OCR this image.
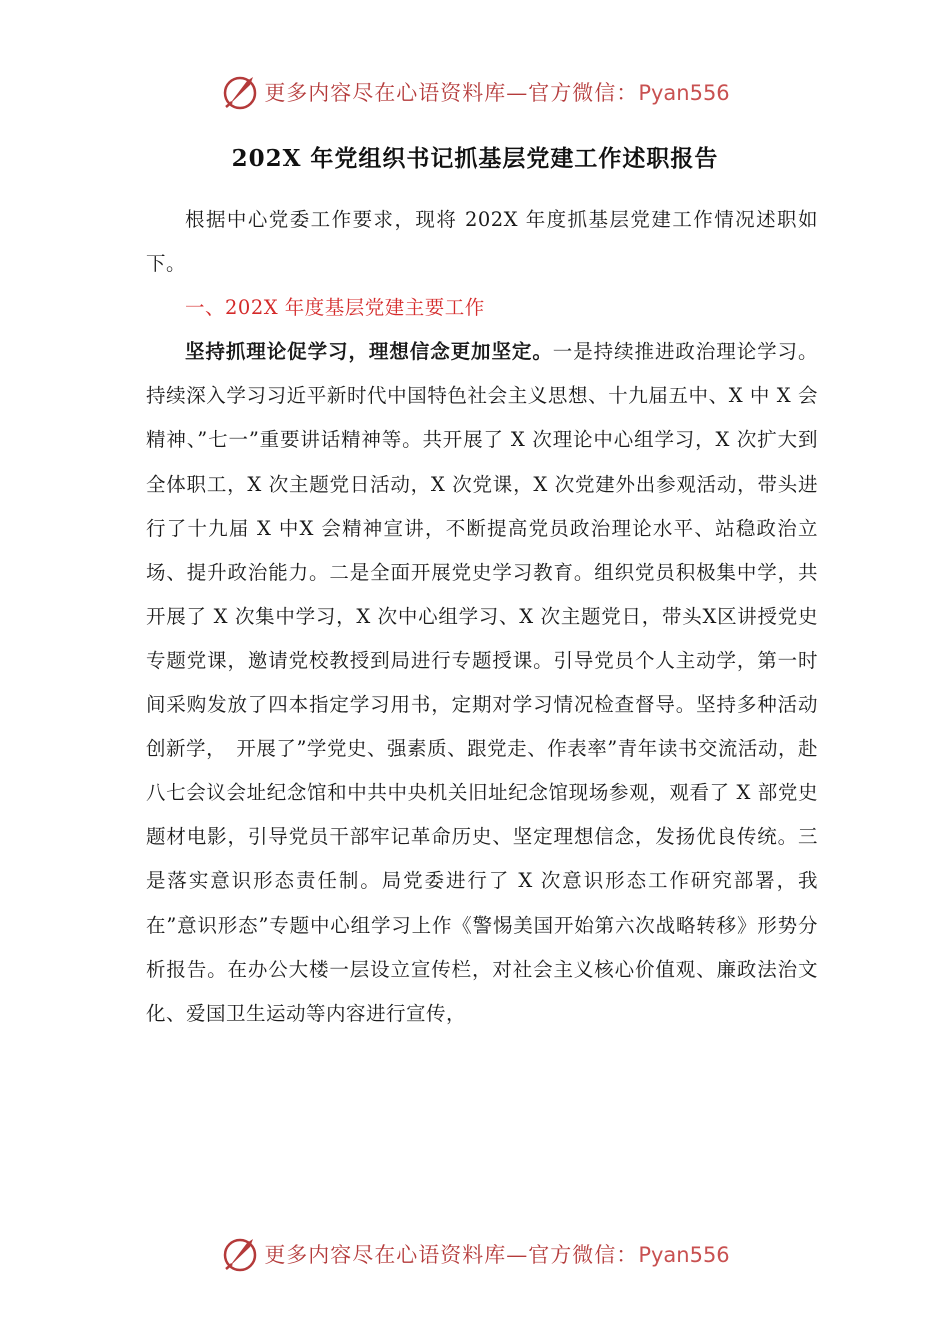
更多内容尽在心语资料库—官方微信：Pyan556
202X 年党组织书记抓基层党建工作述职报告

根据中心党委工作要求，现将 202X 年度抓基层党建工作情况述职如下。

一、202X 年度基层党建主要工作

坚持抓理论促学习，理想信念更加坚定。一是持续推进政治理论学习。持续深入学习习近平新时代中国特色社会主义思想、十九届五中、X 中 X 会精神、”七一”重要讲话精神等。共开展了 X 次理论中心组学习，X 次扩大到全体职工，X 次主题党日活动，X 次党课，X 次党建外出参观活动，带头进行了十九届 X 中X 会精神宣讲，不断提高党员政治理论水平、站稳政治立场、提升政治能力。二是全面开展党史学习教育。组织党员积极集中学，共开展了 X 次集中学习，X 次中心组学习、X 次主题党日，带头X区讲授党史专题党课，邀请党校教授到局进行专题授课。引导党员个人主动学，第一时间采购发放了四本指定学习用书，定期对学习情况检查督导。坚持多种活动创新学，　开展了”学党史、强素质、跟党走、作表率”青年读书交流活动，赴八七会议会址纪念馆和中共中央机关旧址纪念馆现场参观，观看了 X 部党史题材电影，引导党员干部牢记革命历史、坚定理想信念，发扬优良传统。三是落实意识形态责任制。局党委进行了 X 次意识形态工作研究部署，我在”意识形态”专题中心组学习上作《警惕美国开始第六次战略转移》形势分析报告。在办公大楼一层设立宣传栏，对社会主义核心价值观、廉政法治文化、爱国卫生运动等内容进行宣传，

更多内容尽在心语资料库—官方微信：Pyan556
